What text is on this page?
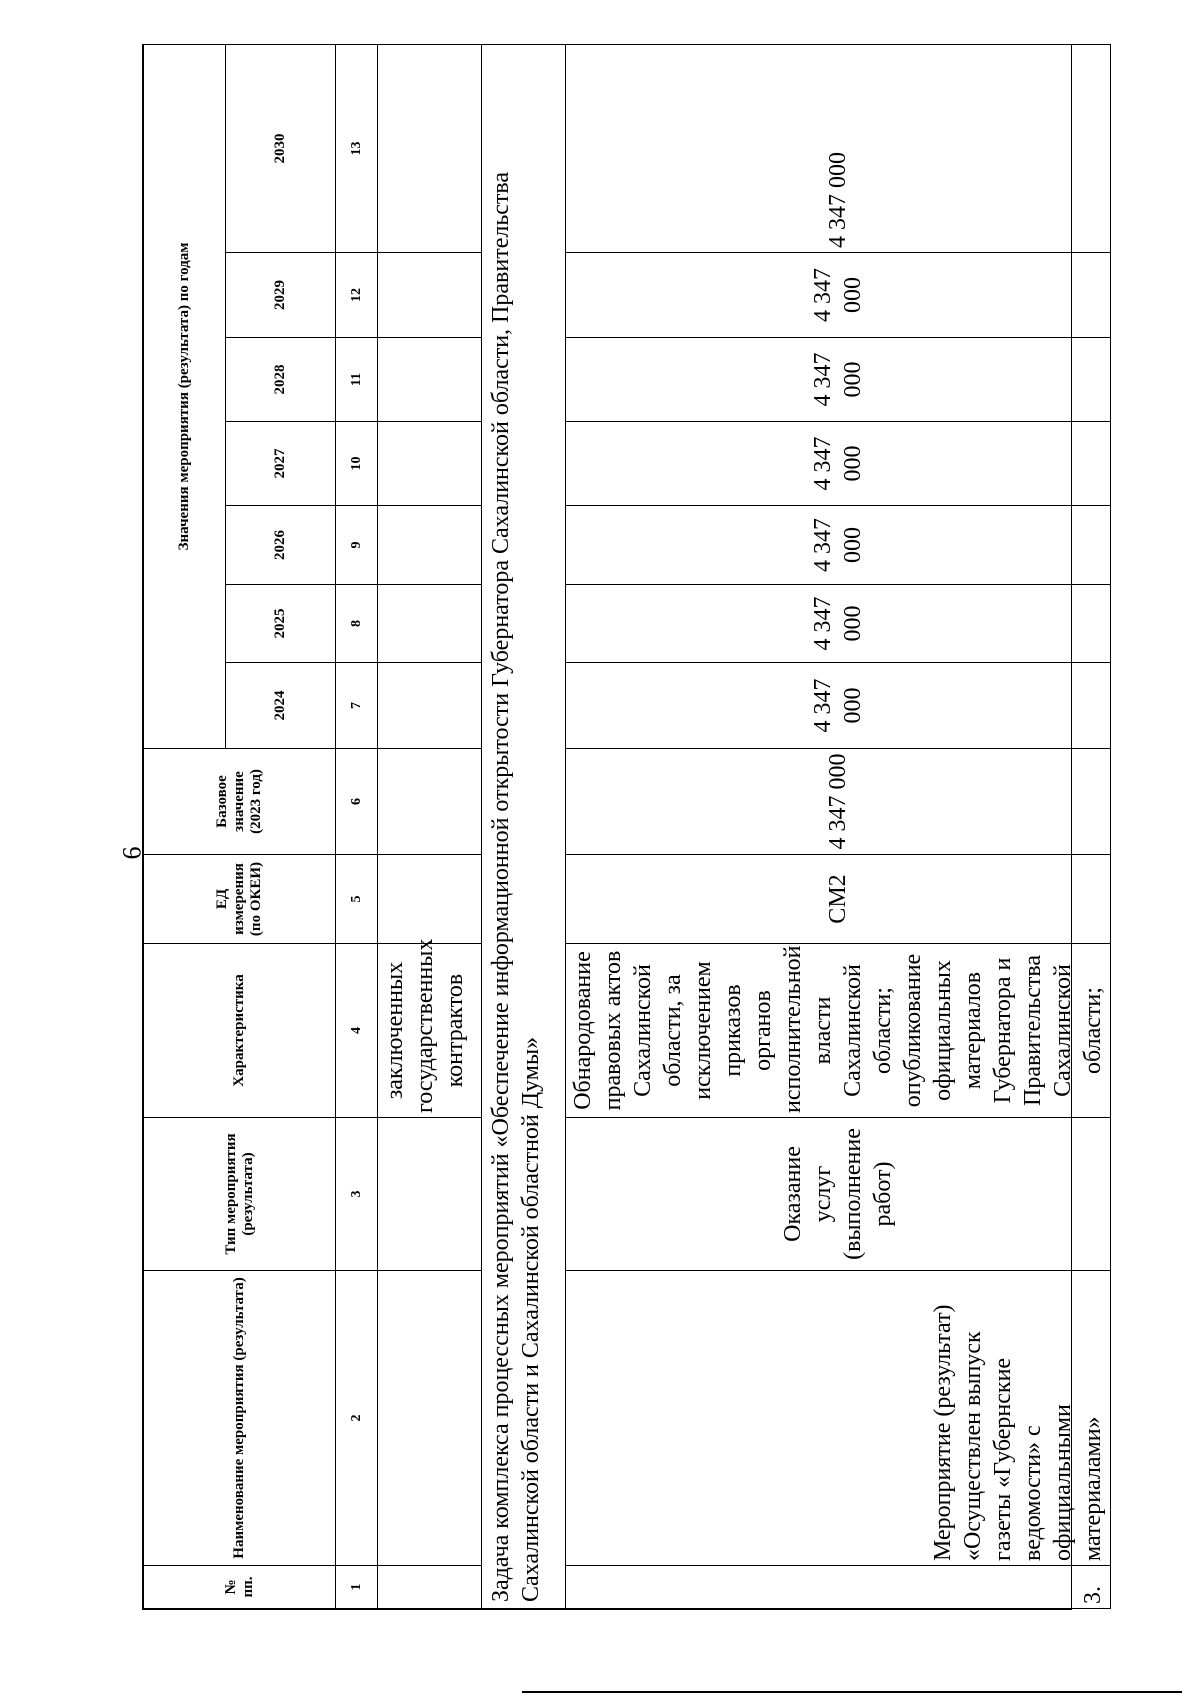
6
№ пп.	Наименование мероприятия (результата)	Тип мероприятия (результата)	Характеристика	ЕД измерения (по ОКЕИ)	Базовое значение (2023 год)	Значения мероприятия (результата) по годам						
						2024	2025	2026	2027	2028	2029	2030
1	2	3	4	5	6	7	8	9	10	11	12	13
			заключенных государственных контрактов									
Задача комплекса процессных мероприятий «Обеспечение информационной открытости Губернатора Сахалинской области, Правительства Сахалинской области и Сахалинской областной Думы»												
3.	Мероприятие (результат) «Осуществлен выпуск газеты «Губернские ведомости» с официальными материалами»	Оказание услуг (выполнение работ)	Обнародование правовых актов Сахалинской области, за исключением приказов органов исполнительной власти Сахалинской области; опубликование официальных материалов Губернатора и Правительства Сахалинской области;	СМ2	4 347 000	4 347 000	4 347 000	4 347 000	4 347 000	4 347 000	4 347 000	4 347 000
